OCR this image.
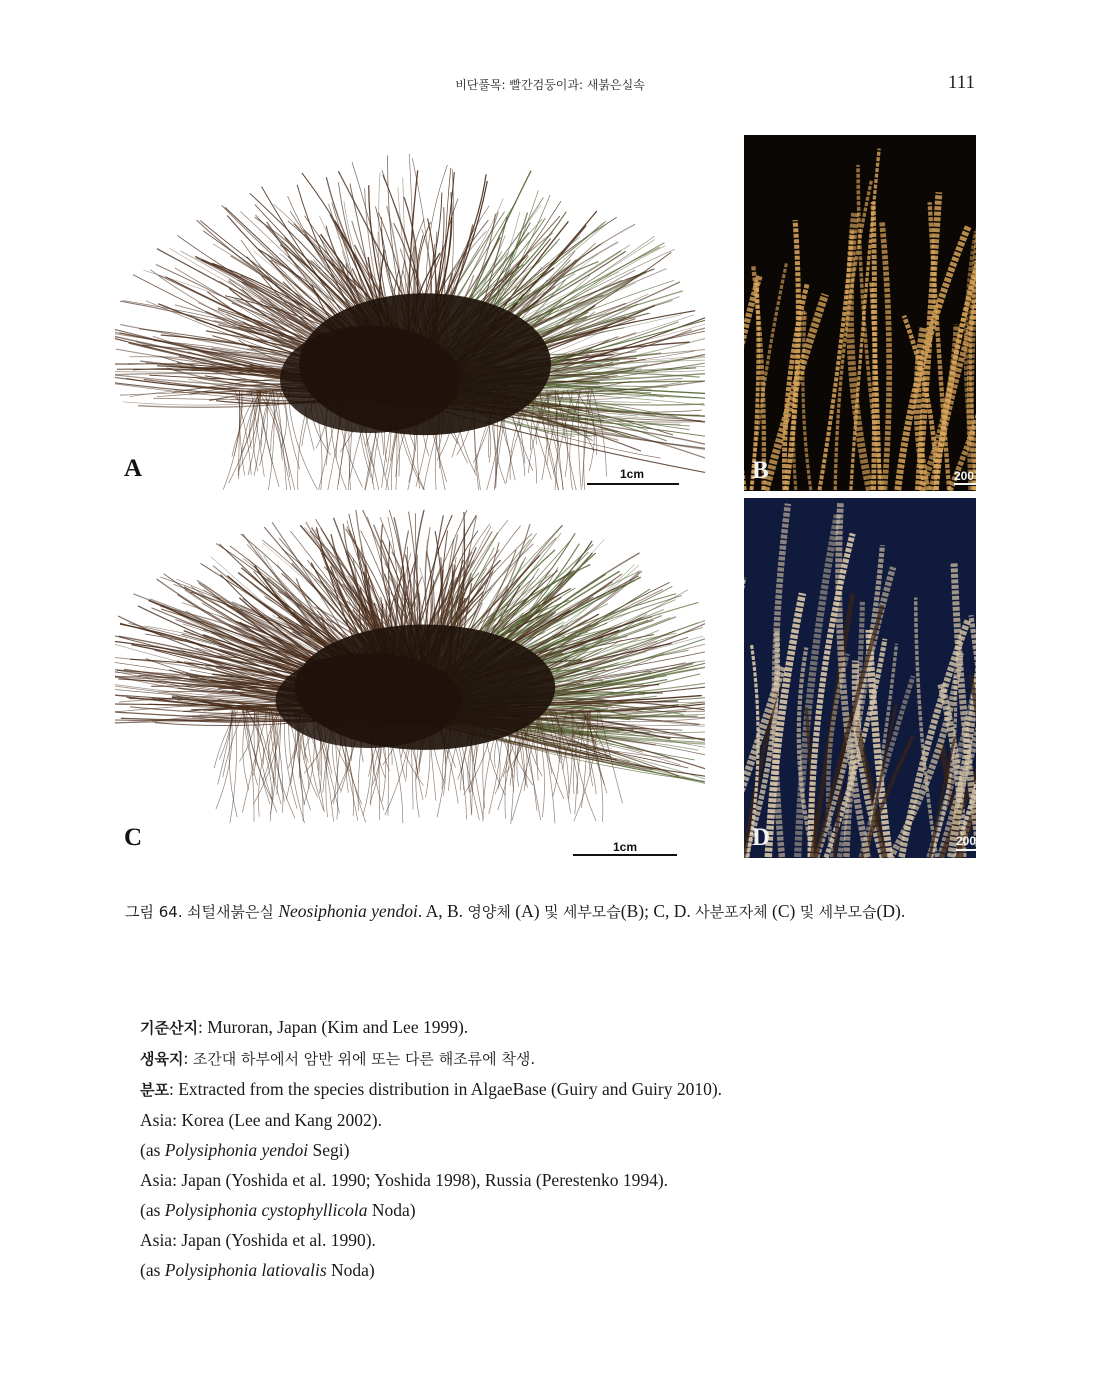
비단풀목: 빨간검둥이과: 새붉은실속	111
A	1cm	B	200
C	1cm	D	200
그림 64. 쇠털새붉은실 Neosiphonia yendoi. A, B. 영양체 (A) 및 세부모습(B); C, D. 사분포자체 (C) 및 세부모습(D).
기준산지: Muroran, Japan (Kim and Lee 1999).
생육지: 조간대 하부에서 암반 위에 또는 다른 해조류에 착생.
분포: Extracted from the species distribution in AlgaeBase (Guiry and Guiry 2010).
Asia: Korea (Lee and Kang 2002).
(as Polysiphonia yendoi Segi)
Asia: Japan (Yoshida et al. 1990; Yoshida 1998), Russia (Perestenko 1994).
(as Polysiphonia cystophyllicola Noda)
Asia: Japan (Yoshida et al. 1990).
(as Polysiphonia latiovalis Noda)
